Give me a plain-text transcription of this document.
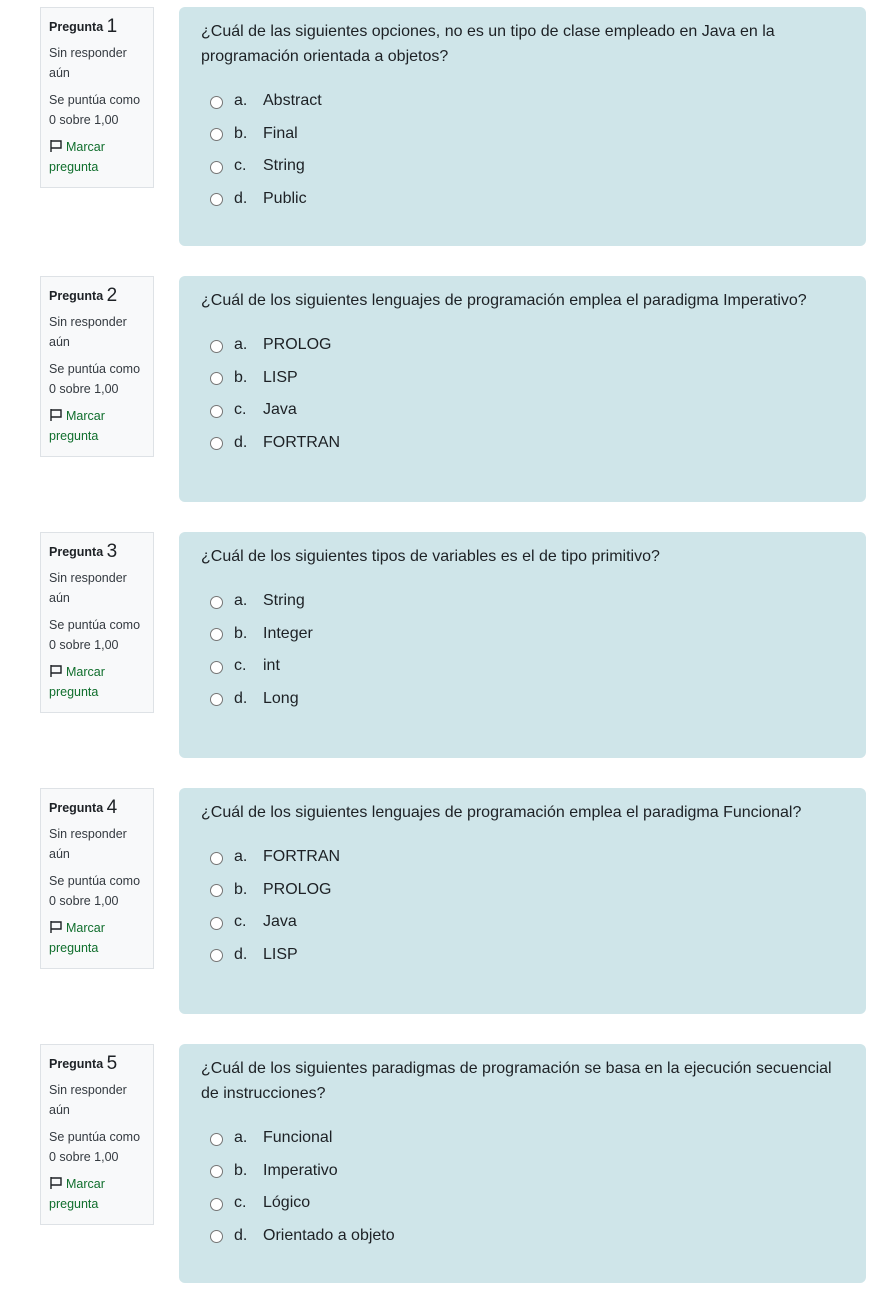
Pregunta 1
Sin responder aún
Se puntúa como 0 sobre 1,00
Marcar pregunta
¿Cuál de las siguientes opciones, no es un tipo de clase empleado en Java en la programación orientada a objetos?
a. Abstract
b. Final
c.	String
d. Public
Pregunta 2
Sin responder aún
Se puntúa como 0 sobre 1,00
Marcar pregunta
¿Cuál de los siguientes lenguajes de programación emplea el paradigma Imperativo?
a. PROLOG
b. LISP
c.	Java
d. FORTRAN
Pregunta 3
Sin responder aún
Se puntúa como 0 sobre 1,00
Marcar pregunta
¿Cuál de los siguientes tipos de variables es el de tipo primitivo?
a. String
b. Integer
c.	int
d. Long
Pregunta 4
Sin responder aún
Se puntúa como 0 sobre 1,00
Marcar pregunta
¿Cuál de los siguientes lenguajes de programación emplea el paradigma Funcional?
a. FORTRAN
b. PROLOG
c.	Java
d. LISP
Pregunta 5
Sin responder aún
Se puntúa como 0 sobre 1,00
Marcar pregunta
¿Cuál de los siguientes paradigmas de programación se basa en la ejecución secuencial de instrucciones?
a. Funcional
b. Imperativo
c.	Lógico
d. Orientado a objeto
